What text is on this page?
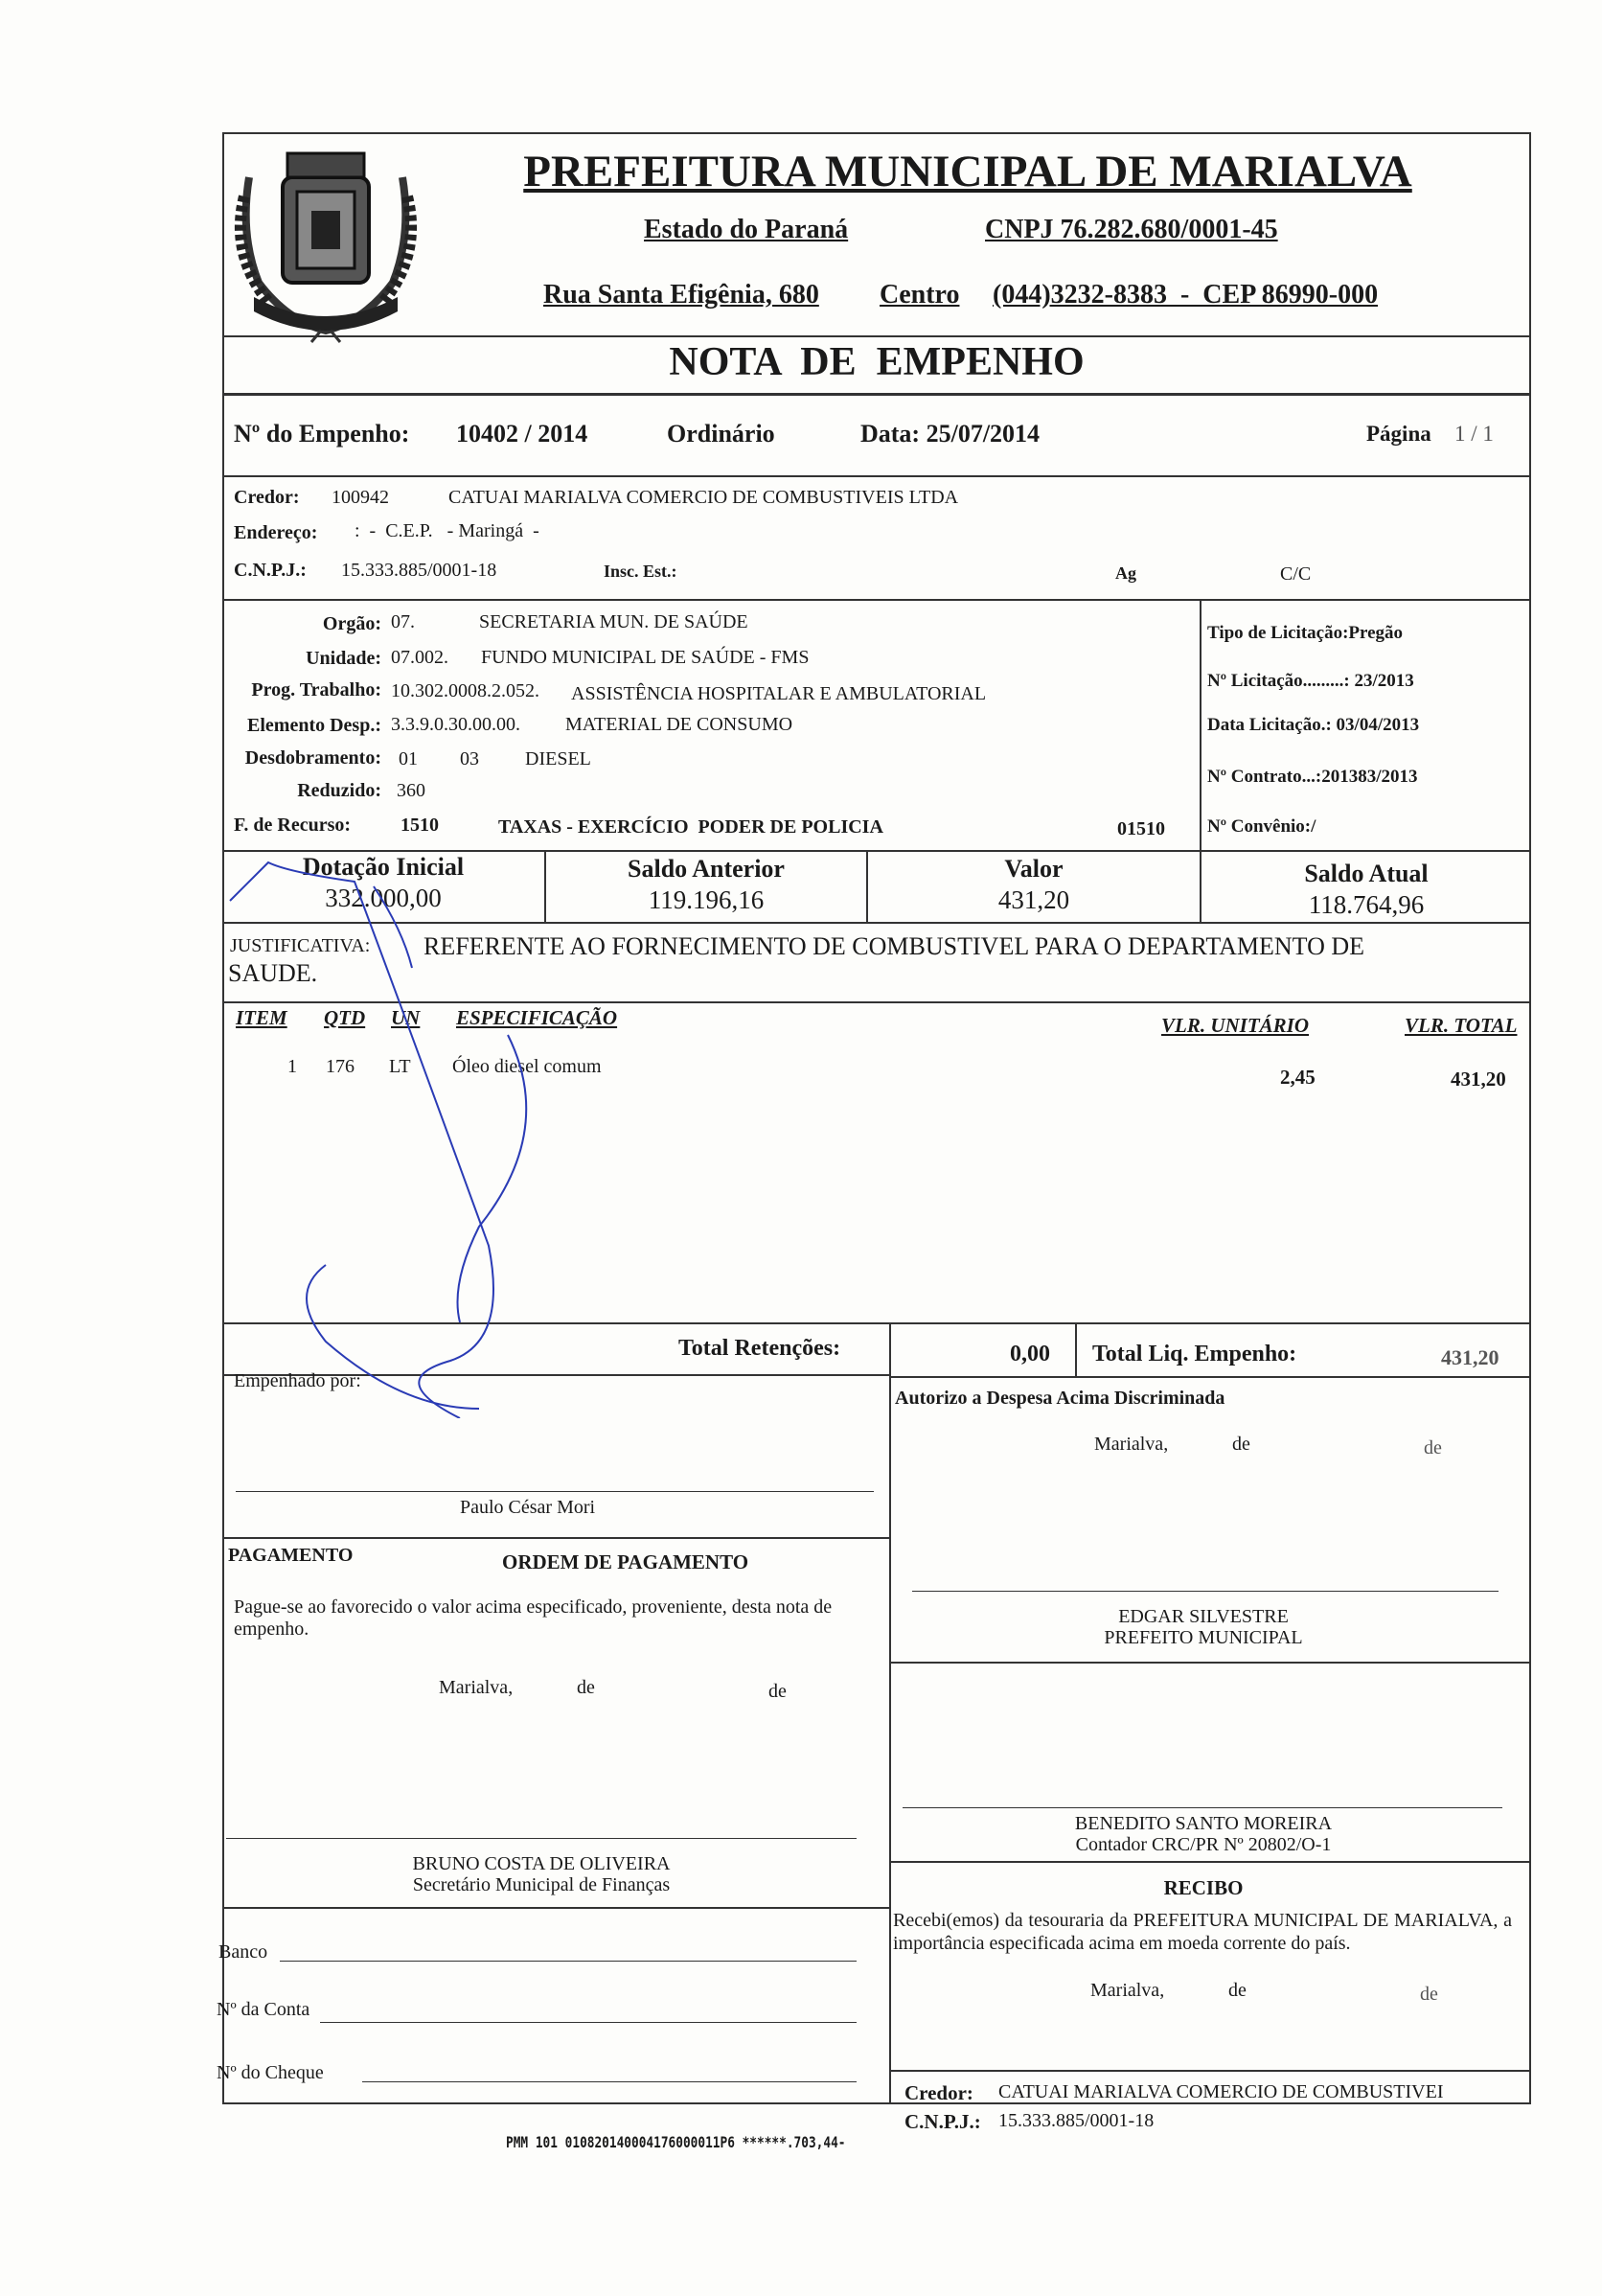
PREFEITURA MUNICIPAL DE MARIALVA
Estado do Paraná	CNPJ 76.282.680/0001-45
Rua Santa Efigênia, 680 Centro (044)3232-8383  -  CEP 86990-000
NOTA  DE  EMPENHO
Nº do Empenho: 10402 / 2014	Ordinário	Data: 25/07/2014	Página 1 / 1
Credor: 100942	CATUAI MARIALVA COMERCIO DE COMBUSTIVEIS LTDA
Endereço: :  -  C.E.P.   - Maringá  -
C.N.P.J.: 15.333.885/0001-18	Insc. Est.:	Ag	C/C
Orgão: 07.	SECRETARIA MUN. DE SAÚDE
Unidade: 07.002. FUNDO MUNICIPAL DE SAÚDE - FMS
Prog. Trabalho: 10.302.0008.2.052. ASSISTÊNCIA HOSPITALAR E AMBULATORIAL
Elemento Desp.: 3.3.9.0.30.00.00. MATERIAL DE CONSUMO
Desdobramento: 01 03 DIESEL
Reduzido: 360
F. de Recurso:	1510	TAXAS - EXERCÍCIO  PODER DE POLICIA	01510
Tipo de Licitação:Pregão
Nº Licitação.........: 23/2013
Data Licitação.: 03/04/2013
Nº Contrato...:201383/2013
Nº Convênio:/
Dotação Inicial
332.000,00
Saldo Anterior
119.196,16
Valor
431,20
Saldo Atual
118.764,96
JUSTIFICATIVA: REFERENTE AO FORNECIMENTO DE COMBUSTIVEL PARA O DEPARTAMENTO DE
SAUDE.
ITEM QTD UN ESPECIFICAÇÃO	VLR. UNITÁRIO	VLR. TOTAL
1 176 LT Óleo diesel comum	2,45	431,20
Total Retenções:	0,00 Total Liq. Empenho:	431,20
Empenhado por:
Paulo César Mori
Autorizo a Despesa Acima Discriminada
Marialva,	de	de
EDGAR SILVESTRE
PREFEITO MUNICIPAL
PAGAMENTO	ORDEM DE PAGAMENTO
Pague-se ao favorecido o valor acima especificado, proveniente, desta nota de empenho.
Marialva,	de	de
BRUNO COSTA DE OLIVEIRA
Secretário Municipal de Finanças
BENEDITO SANTO MOREIRA
Contador CRC/PR Nº 20802/O-1
RECIBO
Recebi(emos) da tesouraria da PREFEITURA MUNICIPAL DE MARIALVA, a importância especificada acima em moeda corrente do país.
Marialva,	de	de
Banco
Nº da Conta
Nº do Cheque
Credor: CATUAI MARIALVA COMERCIO DE COMBUSTIVEI
C.N.P.J.: 15.333.885/0001-18
PMM 101 010820140004176000011P6 ******.703,44-
